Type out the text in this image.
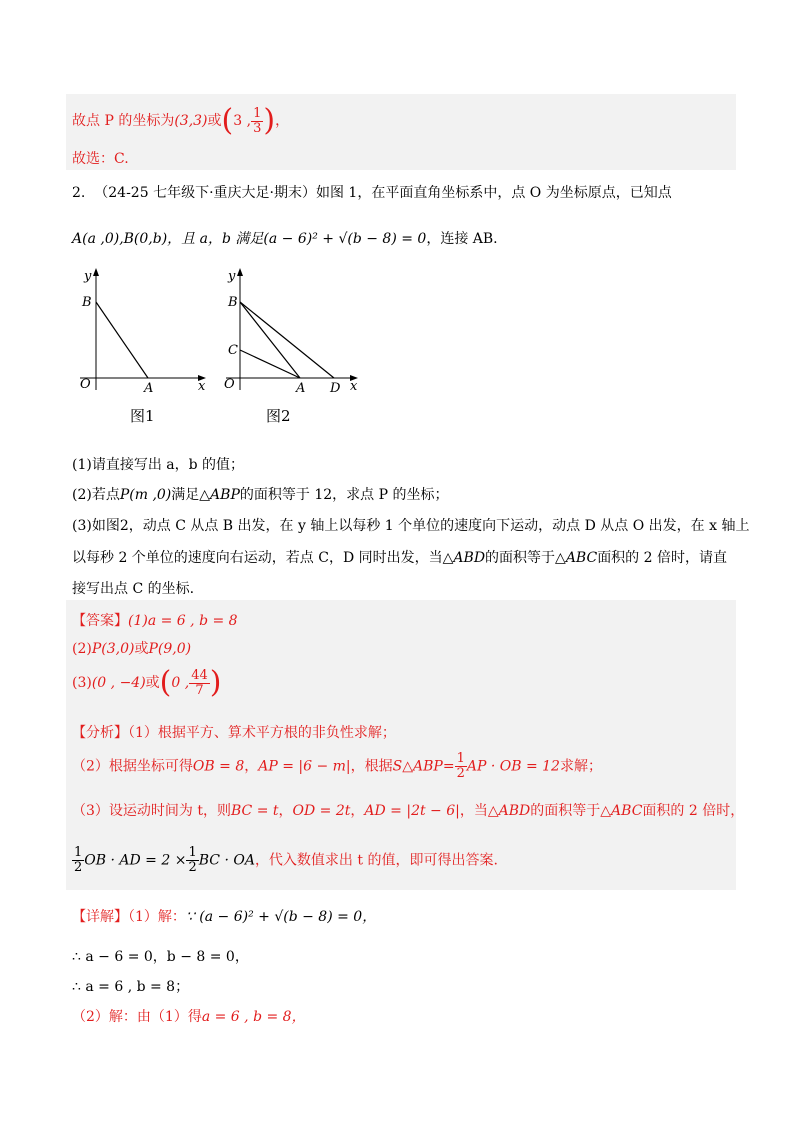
故点 P 的坐标为(3,3)或(3 , $\frac{1}{3}$ )，
故选：C.
2. （24-25 七年级下·重庆大足·期末）如图 1，在平面直角坐标系中，点 O 为坐标原点，已知点
A(a ,0),B(0,b)，且 a，b 满足(a − 6)² + √(b − 8) = 0，连接 AB.
y
B
O	A	x
图1
y
B
C
O	A D x
图2
(1)请直接写出 a，b 的值；
(2)若点P(m ,0)满足△ABP的面积等于 12，求点 P 的坐标；
(3)如图2，动点 C 从点 B 出发，在 y 轴上以每秒 1 个单位的速度向下运动，动点 D 从点 O 出发，在 x 轴上
以每秒 2 个单位的速度向右运动，若点 C，D 同时出发，当△ABD的面积等于△ABC面积的 2 倍时，请直
接写出点 C 的坐标.
【答案】(1)a = 6 , b = 8
(2)P(3,0)或P(9,0)
(3)(0 , −4)或(0 , $\frac{44}{7}$ )
【分析】（1）根据平方、算术平方根的非负性求解；
（2）根据坐标可得OB = 8，AP = |6 − m|，根据S△ABP= $\frac{1}{2}$ AP · OB = 12求解；
（3）设运动时间为 t，则BC = t，OD = 2t，AD = |2t − 6|，当△ABD的面积等于△ABC面积的 2 倍时，
$\frac{1}{2}$ OB · AD = $2 \times \frac{1}{2}$ BC · OA，代入数值求出 t 的值，即可得出答案.
【详解】（1）解：∵ (a − 6)² + √(b − 8) = 0，
∴ a − 6 = 0，b − 8 = 0，
∴ a = 6 , b = 8；
（2）解：由（1）得a = 6 , b = 8，
